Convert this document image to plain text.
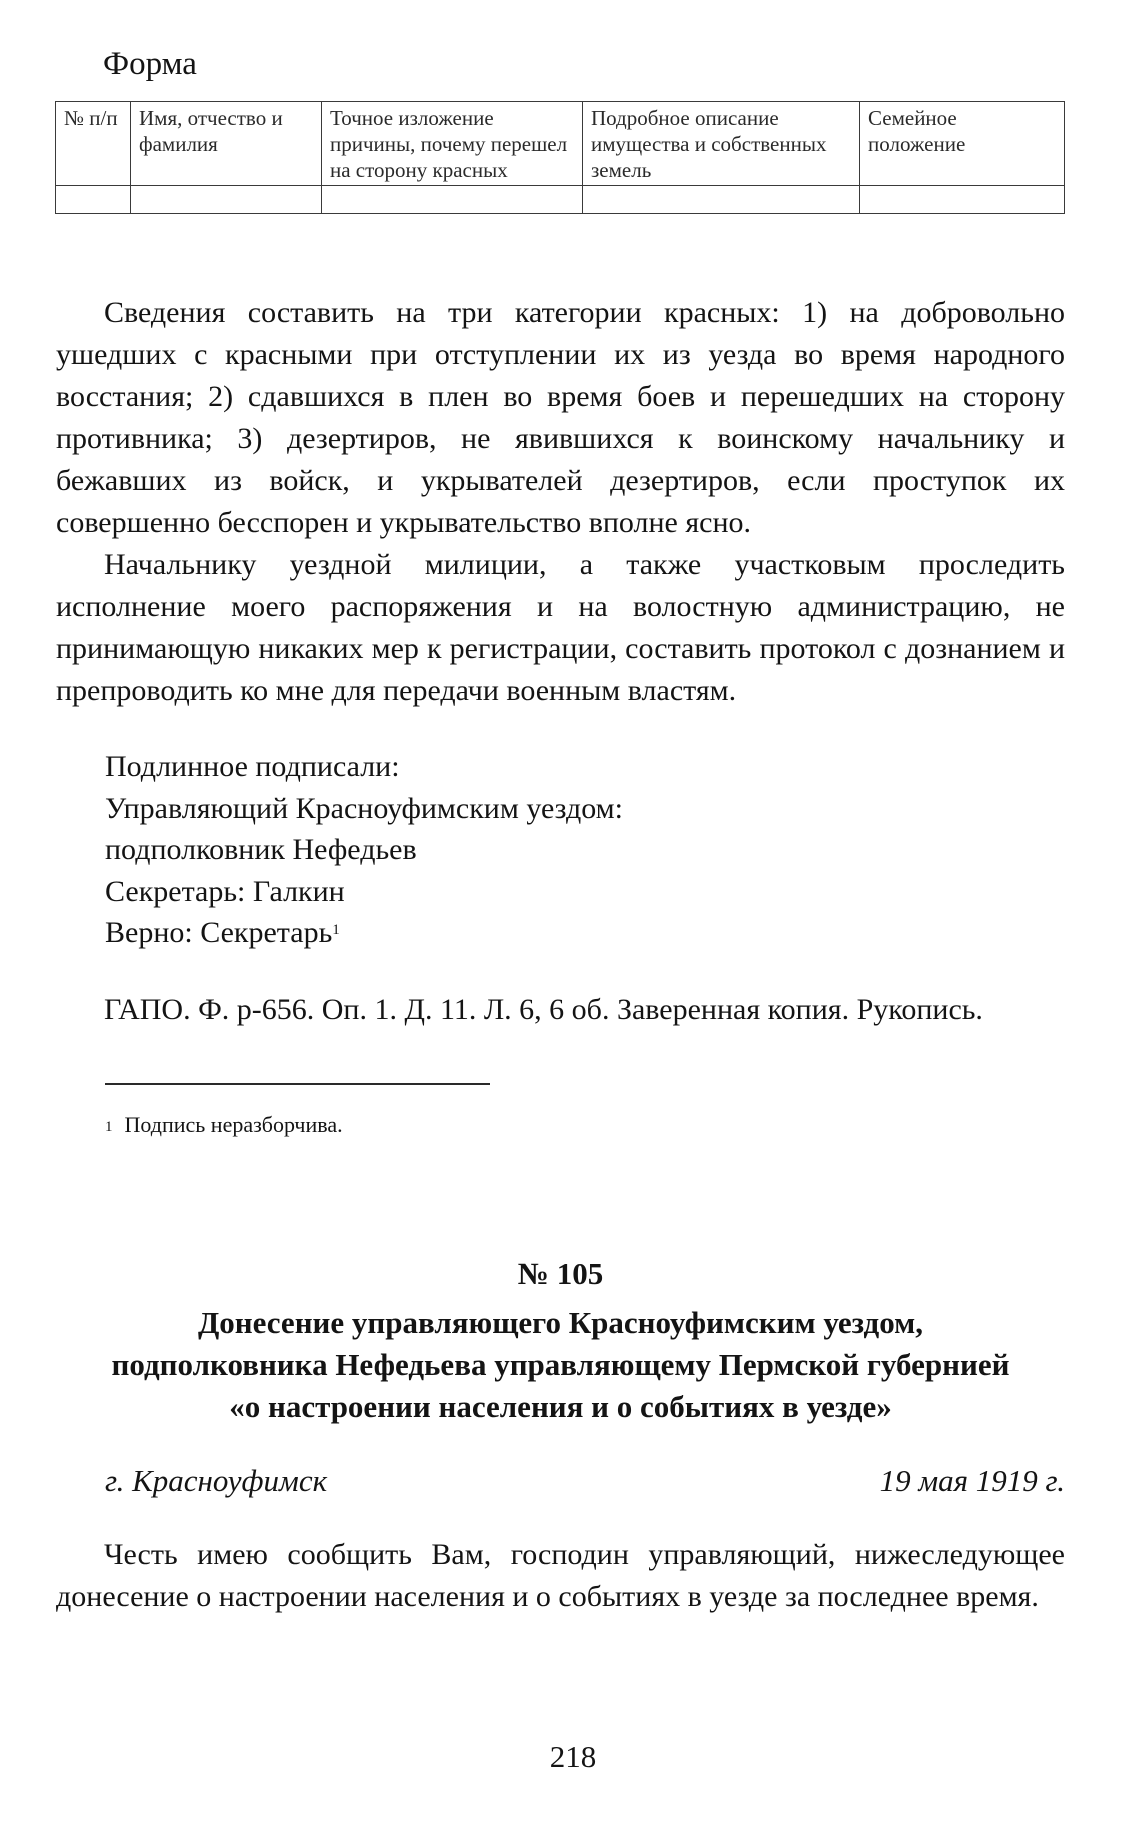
Форма
№ п/п	Имя, отчество и фамилия	Точное изложение причины, почему перешел на сторону красных	Подробное описание имущества и собственных земель	Семейное положение

Сведения составить на три категории красных: 1) на добровольно ушедших с красными при отступлении их из уезда во время народного восстания; 2) сдавшихся в плен во время боев и перешедших на сторону противника; 3) дезертиров, не явившихся к воинскому начальнику и бежавших из войск, и укрывателей дезертиров, если проступок их совершенно бесспорен и укрывательство вполне ясно.

Начальнику уездной милиции, а также участковым проследить исполнение моего распоряжения и на волостную администрацию, не принимающую никаких мер к регистрации, составить протокол с дознанием и препроводить ко мне для передачи военным властям.

Подлинное подписали:
Управляющий Красноуфимским уездом:
подполковник Нефедьев
Секретарь: Галкин
Верно: Секретарь$^1$

ГАПО. Ф. р-656. Оп. 1. Д. 11. Л. 6, 6 об. Заверенная копия. Рукопись.

$^1$ Подпись неразборчива.
№ 105
Донесение управляющего Красноуфимским уездом,
подполковника Нефедьева управляющему Пермской губернией
«о настроении населения и о событиях в уезде»
г. Красноуфимск	19 мая 1919 г.

Честь имею сообщить Вам, господин управляющий, нижеследующее донесение о настроении населения и о событиях в уезде за последнее время.

218
